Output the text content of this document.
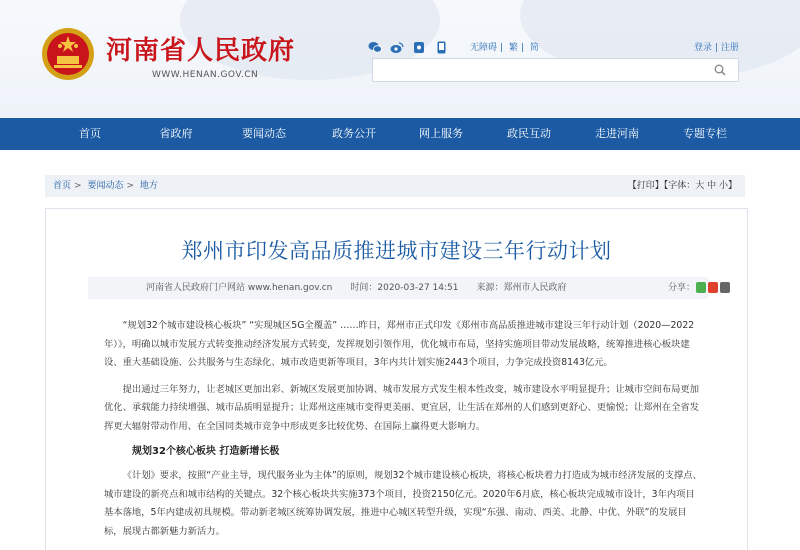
河南省人民政府
WWW.HENAN.GOV.CN
无障碍 | 繁 | 简	登录 | 注册
首页	省政府	要闻动态	政务公开	网上服务	政民互动	走进河南	专题专栏
首页 > 要闻动态 > 地方	【打印】【字体：大 中 小】
郑州市印发高品质推进城市建设三年行动计划
河南省人民政府门户网站 www.henan.gov.cn　　时间：2020-03-27 14:51　　来源：郑州市人民政府	分享：

“规划32个城市建设核心板块” “实现城区5G全覆盖” ……昨日，郑州市正式印发《郑州市高品质推进城市建设三年行动计划（2020—2022年）》，明确以城市发展方式转变推动经济发展方式转变，发挥规划引领作用，优化城市布局，坚持实施项目带动发展战略，统筹推进核心板块建设、重大基础设施、公共服务与生态绿化、城市改造更新等项目，3年内共计划实施2443个项目，力争完成投资8143亿元。

提出通过三年努力，让老城区更加出彩、新城区发展更加协调、城市发展方式发生根本性改变，城市建设水平明显提升；让城市空间布局更加优化、承载能力持续增强、城市品质明显提升；让郑州这座城市变得更美丽、更宜居，让生活在郑州的人们感到更舒心、更愉悦；让郑州在全省发挥更大辐射带动作用、在全国同类城市竞争中形成更多比较优势、在国际上赢得更大影响力。

规划32个核心板块 打造新增长极

《计划》要求，按照“产业主导，现代服务业为主体”的原则，规划32个城市建设核心板块，将核心板块着力打造成为城市经济发展的支撑点、城市建设的新亮点和城市结构的关键点。32个核心板块共实施373个项目，投资2150亿元。2020年6月底，核心板块完成城市设计，3年内项目基本落地，5年内建成初具规模。带动新老城区统筹协调发展，推进中心城区转型升级，实现“东强、南动、西美、北静、中优、外联”的发展目标，展现古都新魅力新活力。
